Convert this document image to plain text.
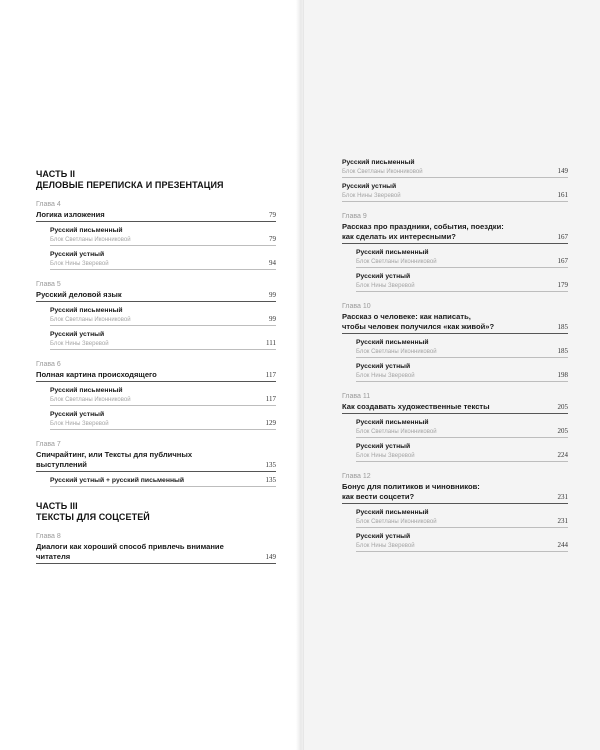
ЧАСТЬ II
ДЕЛОВЫЕ ПЕРЕПИСКА И ПРЕЗЕНТАЦИЯ
Глава 4
Логика изложения	79
Русский письменный
Блок Светланы Иконниковой	79
Русский устный
Блок Нины Зверевой	94
Глава 5
Русский деловой язык	99
Русский письменный
Блок Светланы Иконниковой	99
Русский устный
Блок Нины Зверевой	111
Глава 6
Полная картина происходящего	117
Русский письменный
Блок Светланы Иконниковой	117
Русский устный
Блок Нины Зверевой	129
Глава 7
Спичрайтинг, или Тексты для публичных
выступлений	135
Русский устный + русский письменный	135
ЧАСТЬ III
ТЕКСТЫ ДЛЯ СОЦСЕТЕЙ
Глава 8
Диалоги как хороший способ привлечь внимание
читателя	149
Русский письменный
Блок Светланы Иконниковой	149
Русский устный
Блок Нины Зверевой	161
Глава 9
Рассказ про праздники, события, поездки:
как сделать их интересными?	167
Русский письменный
Блок Светланы Иконниковой	167
Русский устный
Блок Нины Зверевой	179
Глава 10
Рассказ о человеке: как написать,
чтобы человек получился «как живой»?	185
Русский письменный
Блок Светланы Иконниковой	185
Русский устный
Блок Нины Зверевой	198
Глава 11
Как создавать художественные тексты	205
Русский письменный
Блок Светланы Иконниковой	205
Русский устный
Блок Нины Зверевой	224
Глава 12
Бонус для политиков и чиновников:
как вести соцсети?	231
Русский письменный
Блок Светланы Иконниковой	231
Русский устный
Блок Нины Зверевой	244
